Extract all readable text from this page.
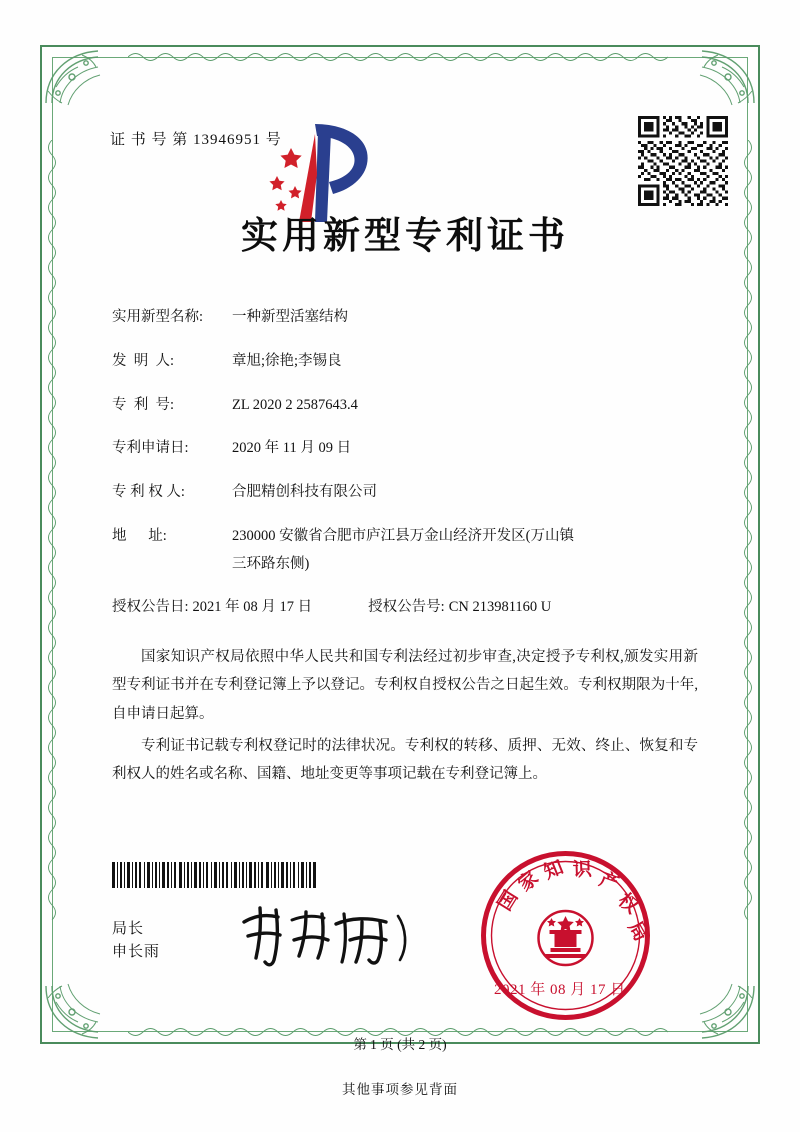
证 书 号 第 13946951 号
实用新型专利证书
实用新型名称:	一种新型活塞结构
发  明  人:	章旭;徐艳;李锡良
专  利  号:	ZL 2020 2 2587643.4
专利申请日:	2020 年 11 月 09 日
专 利 权 人:	合肥精创科技有限公司
地      址:	230000 安徽省合肥市庐江县万金山经济开发区(万山镇
三环路东侧)
授权公告日: 2021 年 08 月 17 日	授权公告号: CN 213981160 U

国家知识产权局依照中华人民共和国专利法经过初步审查,决定授予专利权,颁发实用新型专利证书并在专利登记簿上予以登记。专利权自授权公告之日起生效。专利权期限为十年,自申请日起算。

专利证书记载专利权登记时的法律状况。专利权的转移、质押、无效、终止、恢复和专利权人的姓名或名称、国籍、地址变更等事项记载在专利登记簿上。

局长
申长雨
国
家
知 识 产
权
局
2021 年 08 月 17 日
第 1 页 (共 2 页)
其他事项参见背面
